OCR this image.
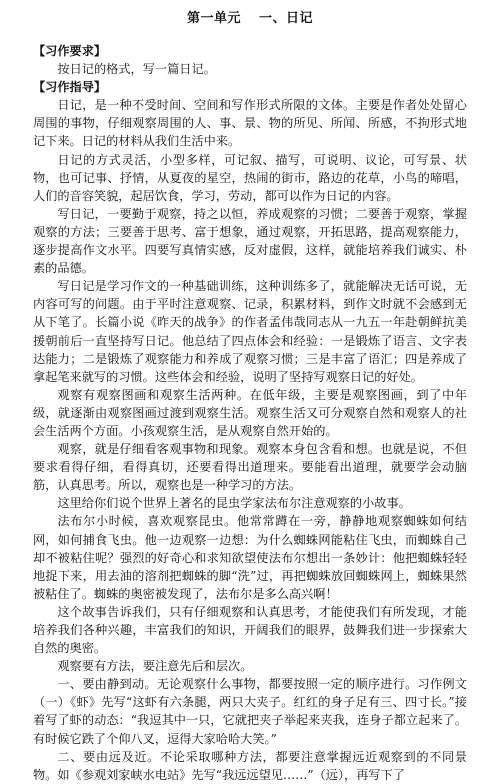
第一单元 一、日记
【习作要求】

按日记的格式，写一篇日记。

【习作指导】

日记，是一种不受时间、空间和写作形式所限的文体。主要是作者处处留心周围的事物，仔细观察周围的人、事、景、物的所见、所闻、所感，不拘形式地记下来。日记的材料从我们生活中来。

日记的方式灵活，小型多样，可记叙、描写，可说明、议论，可写景、状物，也可记事、抒情，从夏夜的星空，热闹的街市，路边的花草，小鸟的啼唱，人们的音容笑貌，起居饮食，学习，劳动，都可以作为日记的内容。

写日记，一要勤于观察，持之以恒，养成观察的习惯；二要善于观察，掌握观察的方法；三要善于思考、富于想象，通过观察，开拓思路，提高观察能力，逐步提高作文水平。四要写真情实感，反对虚假，这样，就能培养我们诚实、朴素的品德。

写日记是学习作文的一种基础训练，这种训练多了，就能解决无话可说，无内容可写的问题。由于平时注意观察、记录，积累材料，到作文时就不会感到无从下笔了。长篇小说《昨天的战争》的作者孟伟哉同志从一九五一年赴朝鲜抗美援朝前后一直坚持写日记。他总结了四点体会和经验：一是锻炼了语言、文字表达能力；二是锻炼了观察能力和养成了观察习惯；三是丰富了语汇；四是养成了拿起笔来就写的习惯。这些体会和经验，说明了坚持写观察日记的好处。

观察有观察图画和观察生活两种。在低年级，主要是观察图画，到了中年级，就逐渐由观察图画过渡到观察生活。观察生活又可分观察自然和观察人的社会生活两个方面。小孩观察生活，是从观察自然开始的。

观察，就是仔细看客观事物和现象。观察本身包含看和想。也就是说，不但要求看得仔细，看得真切，还要看得出道理来。要能看出道理，就要学会动脑筋，认真思考。所以，观察也是一种学习的方法。

这里给你们说个世界上著名的昆虫学家法布尔注意观察的小故事。

法布尔小时候，喜欢观察昆虫。他常常蹲在一旁，静静地观察蜘蛛如何结网，如何捕食飞虫。他一边观察一边想：为什么蜘蛛网能粘住飞虫，而蜘蛛自己却不被粘住呢？强烈的好奇心和求知欲望使法布尔想出一条妙计：他把蜘蛛轻轻地捉下来，用去油的溶剂把蜘蛛的脚“洗”过，再把蜘蛛放回蜘蛛网上，蜘蛛果然被粘住了。蜘蛛的奥密被发现了，法布尔是多么高兴啊！

这个故事告诉我们，只有仔细观察和认真思考，才能使我们有所发现，才能培养我们各种兴趣，丰富我们的知识，开阔我们的眼界，鼓舞我们进一步探索大自然的奥密。

观察要有方法，要注意先后和层次。

一、要由静到动。无论观察什么事物，都要按照一定的顺序进行。习作例文（一）《虾》先写“这虾有六条腿，两只大夹子。红红的身子足有三、四寸长。”接着写了虾的动态：“我逗其中一只，它就把夹子举起来夹我，连身子都立起来了。有时候它跌了个仰八叉，逗得大家哈哈大笑。”

二、要由远及近。不论采取哪种方法，都要注意掌握远近观察到的不同景物。如《参观刘家峡水电站》先写“我远远望见……”（远），再写下了
